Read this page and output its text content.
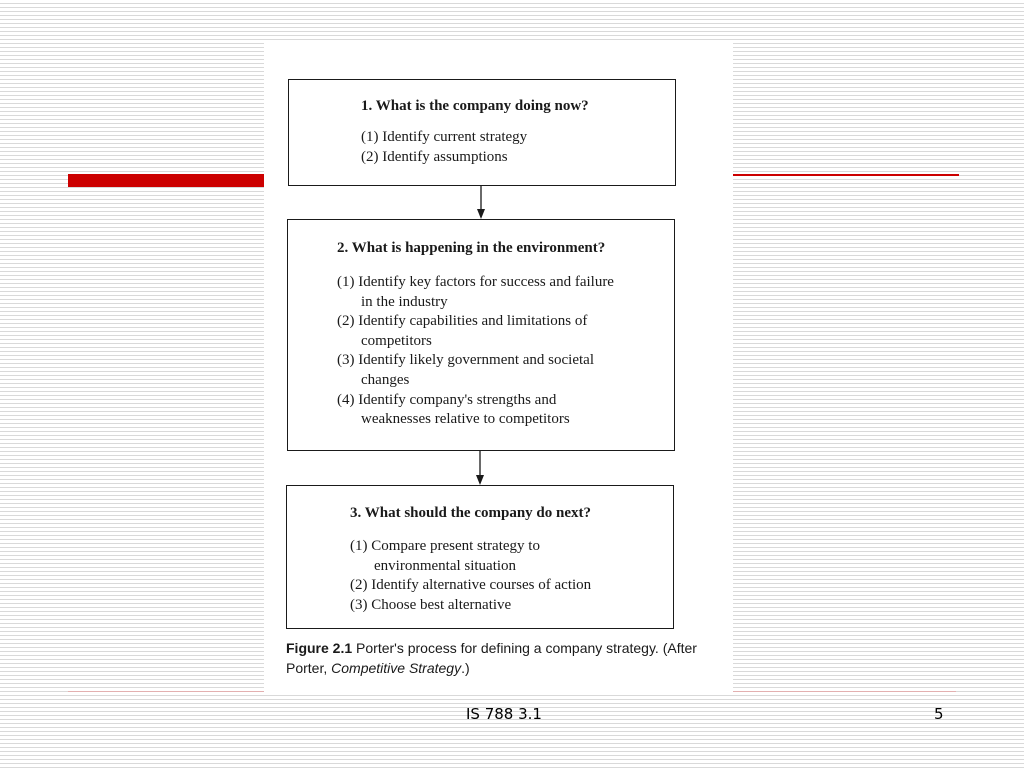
1. What is the company doing now?
(1) Identify current strategy
(2) Identify assumptions
2. What is happening in the environment?
(1) Identify key factors for success and failure in the industry
(2) Identify capabilities and limitations of competitors
(3) Identify likely government and societal changes
(4) Identify company's strengths and weaknesses relative to competitors
3. What should the company do next?
(1) Compare present strategy to environmental situation
(2) Identify alternative courses of action
(3) Choose best alternative
Figure 2.1 Porter's process for defining a company strategy. (After Porter, Competitive Strategy.)
IS 788 3.1	5
